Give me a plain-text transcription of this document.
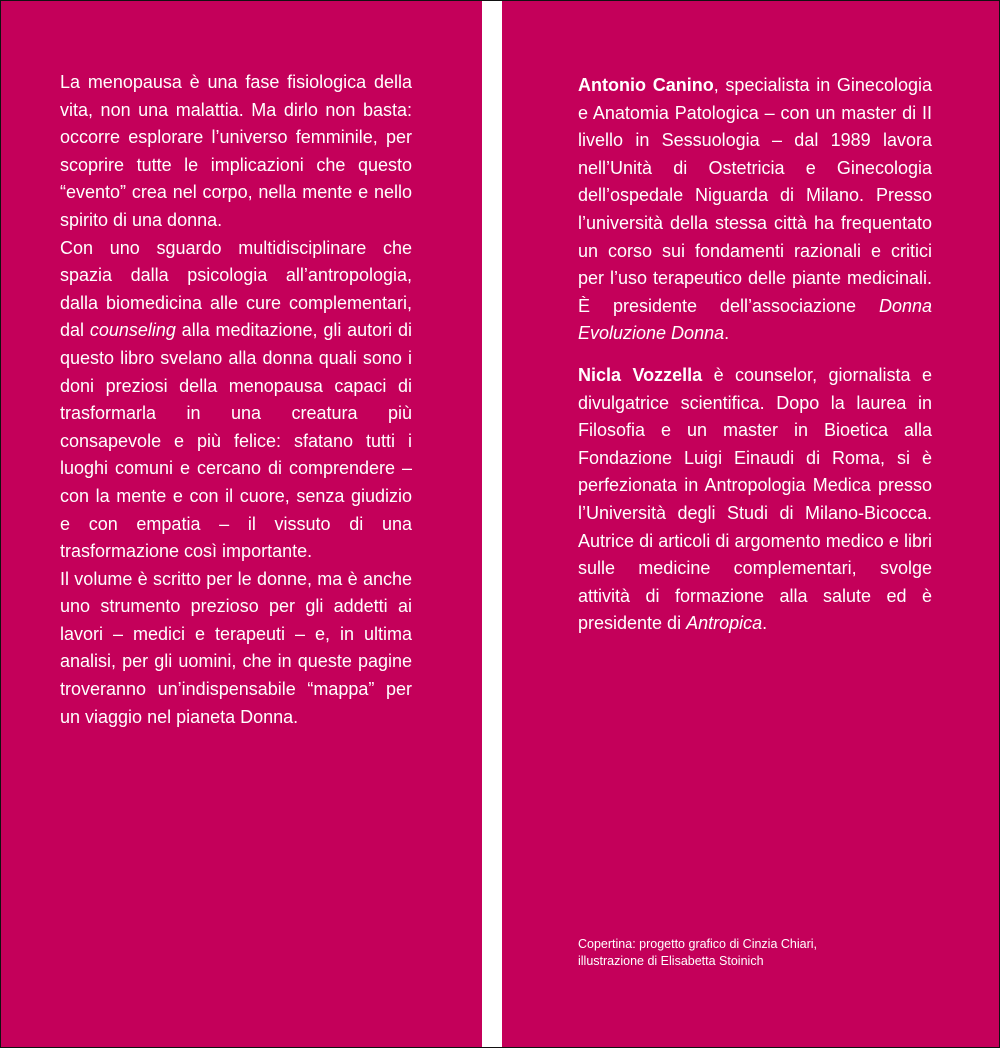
La menopausa è una fase fisiologica della vita, non una malattia. Ma dirlo non basta: occorre esplorare l’universo femminile, per scoprire tutte le implicazioni che questo “evento” crea nel corpo, nella mente e nello spirito di una donna.

Con uno sguardo multidisciplinare che spazia dalla psicologia all’antropologia, dalla biomedicina alle cure complementari, dal counseling alla meditazione, gli autori di questo libro svelano alla donna quali sono i doni preziosi della menopausa capaci di trasformarla in una creatura più consapevole e più felice: sfatano tutti i luoghi comuni e cercano di comprendere – con la mente e con il cuore, senza giudizio e con empatia – il vissuto di una trasformazione così importante.

Il volume è scritto per le donne, ma è anche uno strumento prezioso per gli addetti ai lavori – medici e terapeuti – e, in ultima analisi, per gli uomini, che in queste pagine troveranno un’indispensabile “mappa” per un viaggio nel pianeta Donna.

Antonio Canino, specialista in Ginecologia e Anatomia Patologica – con un master di II livello in Sessuologia – dal 1989 lavora nell’Unità di Ostetricia e Ginecologia dell’ospedale Niguarda di Milano. Presso l’università della stessa città ha frequentato un corso sui fondamenti razionali e critici per l’uso terapeutico delle piante medicinali. È presidente dell’associazione Donna Evoluzione Donna.

Nicla Vozzella è counselor, giornalista e divulgatrice scientifica. Dopo la laurea in Filosofia e un master in Bioetica alla Fondazione Luigi Einaudi di Roma, si è perfezionata in Antropologia Medica presso l’Università degli Studi di Milano-Bicocca. Autrice di articoli di argomento medico e libri sulle medicine complementari, svolge attività di formazione alla salute ed è presidente di Antropica.

Copertina: progetto grafico di Cinzia Chiari,
illustrazione di Elisabetta Stoinich
